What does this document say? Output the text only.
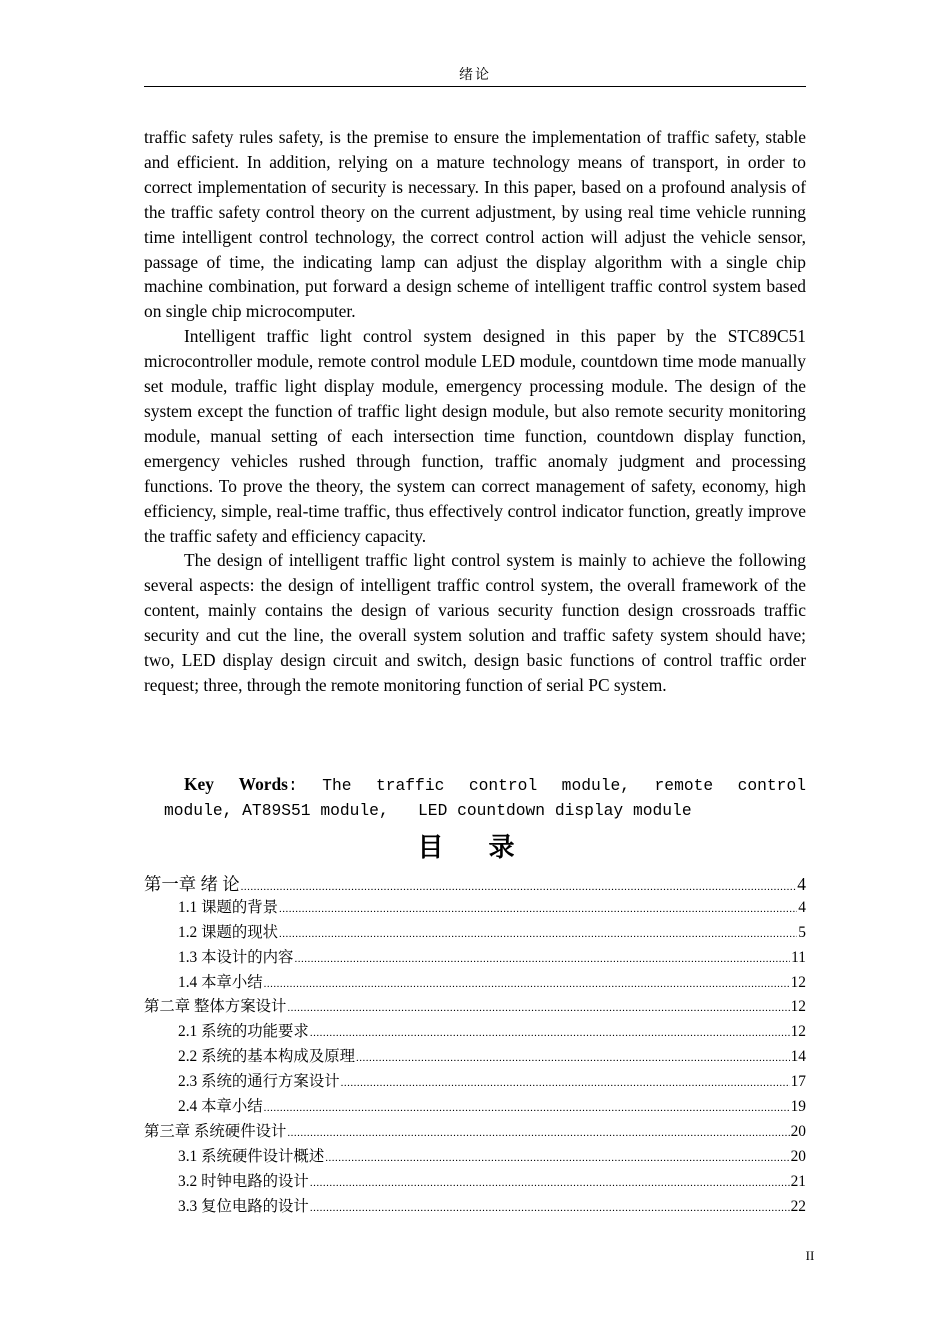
绪论

traffic safety rules safety, is the premise to ensure the implementation of traffic safety, stable and efficient. In addition, relying on a mature technology means of transport, in order to correct implementation of security is necessary. In this paper, based on a profound analysis of the traffic safety control theory on the current adjustment, by using real time vehicle running time intelligent control technology, the correct control action will adjust the vehicle sensor, passage of time, the indicating lamp can adjust the display algorithm with a single chip machine combination, put forward a design scheme of intelligent traffic control system based on single chip microcomputer.

Intelligent traffic light control system designed in this paper by the STC89C51 microcontroller module, remote control module LED module, countdown time mode manually set module, traffic light display module, emergency processing module. The design of the system except the function of traffic light design module, but also remote security monitoring module, manual setting of each intersection time function, countdown display function, emergency vehicles rushed through function, traffic anomaly judgment and processing functions. To prove the theory, the system can correct management of safety, economy, high efficiency, simple, real-time traffic, thus effectively control indicator function, greatly improve the traffic safety and efficiency capacity.

The design of intelligent traffic light control system is mainly to achieve the following several aspects: the design of intelligent traffic control system, the overall framework of the content, mainly contains the design of various security function design crossroads traffic security and cut the line, the overall system solution and traffic safety system should have; two, LED display design circuit and switch, design basic functions of control traffic order request; three, through the remote monitoring function of serial PC system.

Key Words: The traffic control module, remote control
module, AT89S51 module,   LED countdown display module
目 录
第一章 绪 论 .....	4
1.1 课题的背景 .....	4
1.2 课题的现状 .....	5
1.3 本设计的内容 .....	11
1.4 本章小结 .....	12
第二章 整体方案设计 .....	12
2.1 系统的功能要求 .....	12
2.2 系统的基本构成及原理 .....	14
2.3 系统的通行方案设计 .....	17
2.4 本章小结 .....	19
第三章 系统硬件设计 .....	20
3.1 系统硬件设计概述 .....	20
3.2 时钟电路的设计 .....	21
3.3 复位电路的设计 .....	22
II
